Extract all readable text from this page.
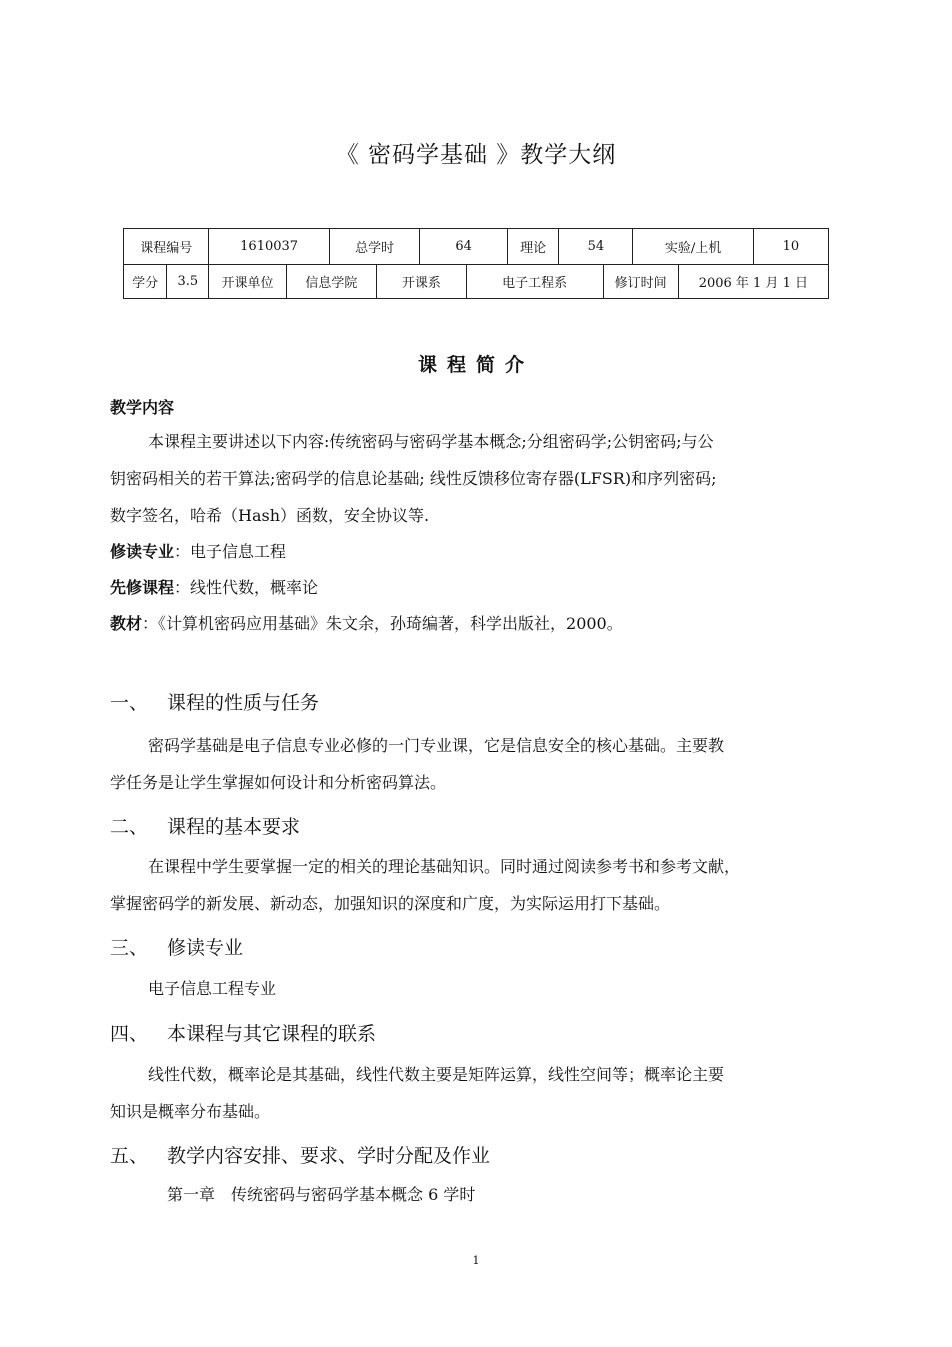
《 密码学基础 》教学大纲
课程编号		1610037		总学时		64		理论	54		实验/上机		10
学分	3.5	开课单位	信息学院		开课系		电子工程系			修订时间		2006 年 1 月 1 日	
课程简介
教学内容
本课程主要讲述以下内容:传统密码与密码学基本概念;分组密码学;公钥密码;与公
钥密码相关的若干算法;密码学的信息论基础; 线性反馈移位寄存器(LFSR)和序列密码;
数字签名，哈希（Hash）函数，安全协议等.
修读专业：电子信息工程
先修课程：线性代数，概率论
教材：《计算机密码应用基础》朱文余，孙琦编著，科学出版社，2000。
一、 课程的性质与任务
密码学基础是电子信息专业必修的一门专业课，它是信息安全的核心基础。主要教
学任务是让学生掌握如何设计和分析密码算法。
二、 课程的基本要求
在课程中学生要掌握一定的相关的理论基础知识。同时通过阅读参考书和参考文献，
掌握密码学的新发展、新动态，加强知识的深度和广度，为实际运用打下基础。
三、 修读专业
电子信息工程专业
四、 本课程与其它课程的联系
线性代数，概率论是其基础，线性代数主要是矩阵运算，线性空间等；概率论主要
知识是概率分布基础。
五、 教学内容安排、要求、学时分配及作业
第一章　传统密码与密码学基本概念 6 学时
1
